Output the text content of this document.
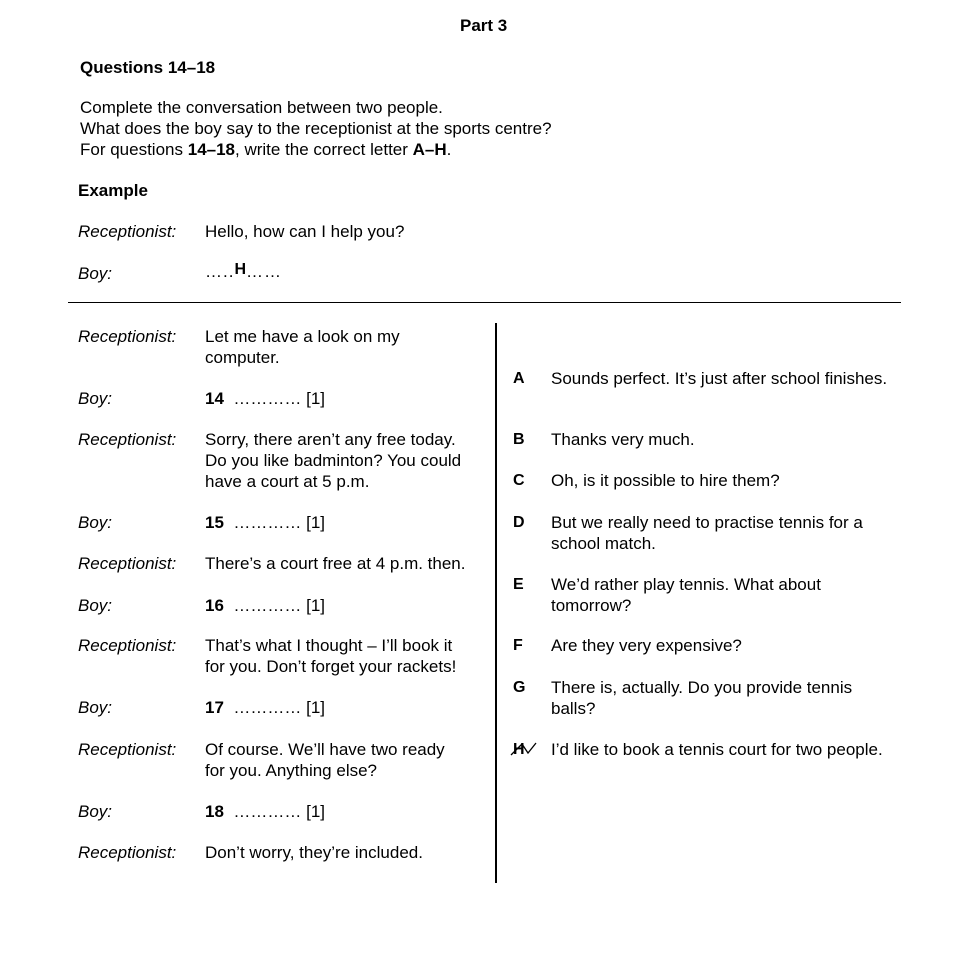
Part 3
Questions 14–18
Complete the conversation between two people.
What does the boy say to the receptionist at the sports centre?
For questions 14–18, write the correct letter A–H.
Example
Receptionist: Hello, how can I help you?
Boy:	…..H……
Receptionist: Let me have a look on my
computer.
Boy:	14 ………… [1]
Receptionist: Sorry, there aren’t any free today.
Do you like badminton? You could
have a court at 5 p.m.
Boy:	15 ………… [1]
Receptionist: There’s a court free at 4 p.m. then.
Boy:	16 ………… [1]
Receptionist: That’s what I thought – I’ll book it
for you. Don’t forget your rackets!
Boy:	17 ………… [1]
Receptionist: Of course. We’ll have two ready
for you. Anything else?
Boy:	18 ………… [1]
Receptionist: Don’t worry, they’re included.
A Sounds perfect. It’s just after school finishes.
B Thanks very much.
C Oh, is it possible to hire them?
D But we really need to practise tennis for a school match.
E We’d rather play tennis. What about tomorrow?
F Are they very expensive?
G There is, actually. Do you provide tennis balls?
H I’d like to book a tennis court for two people.
